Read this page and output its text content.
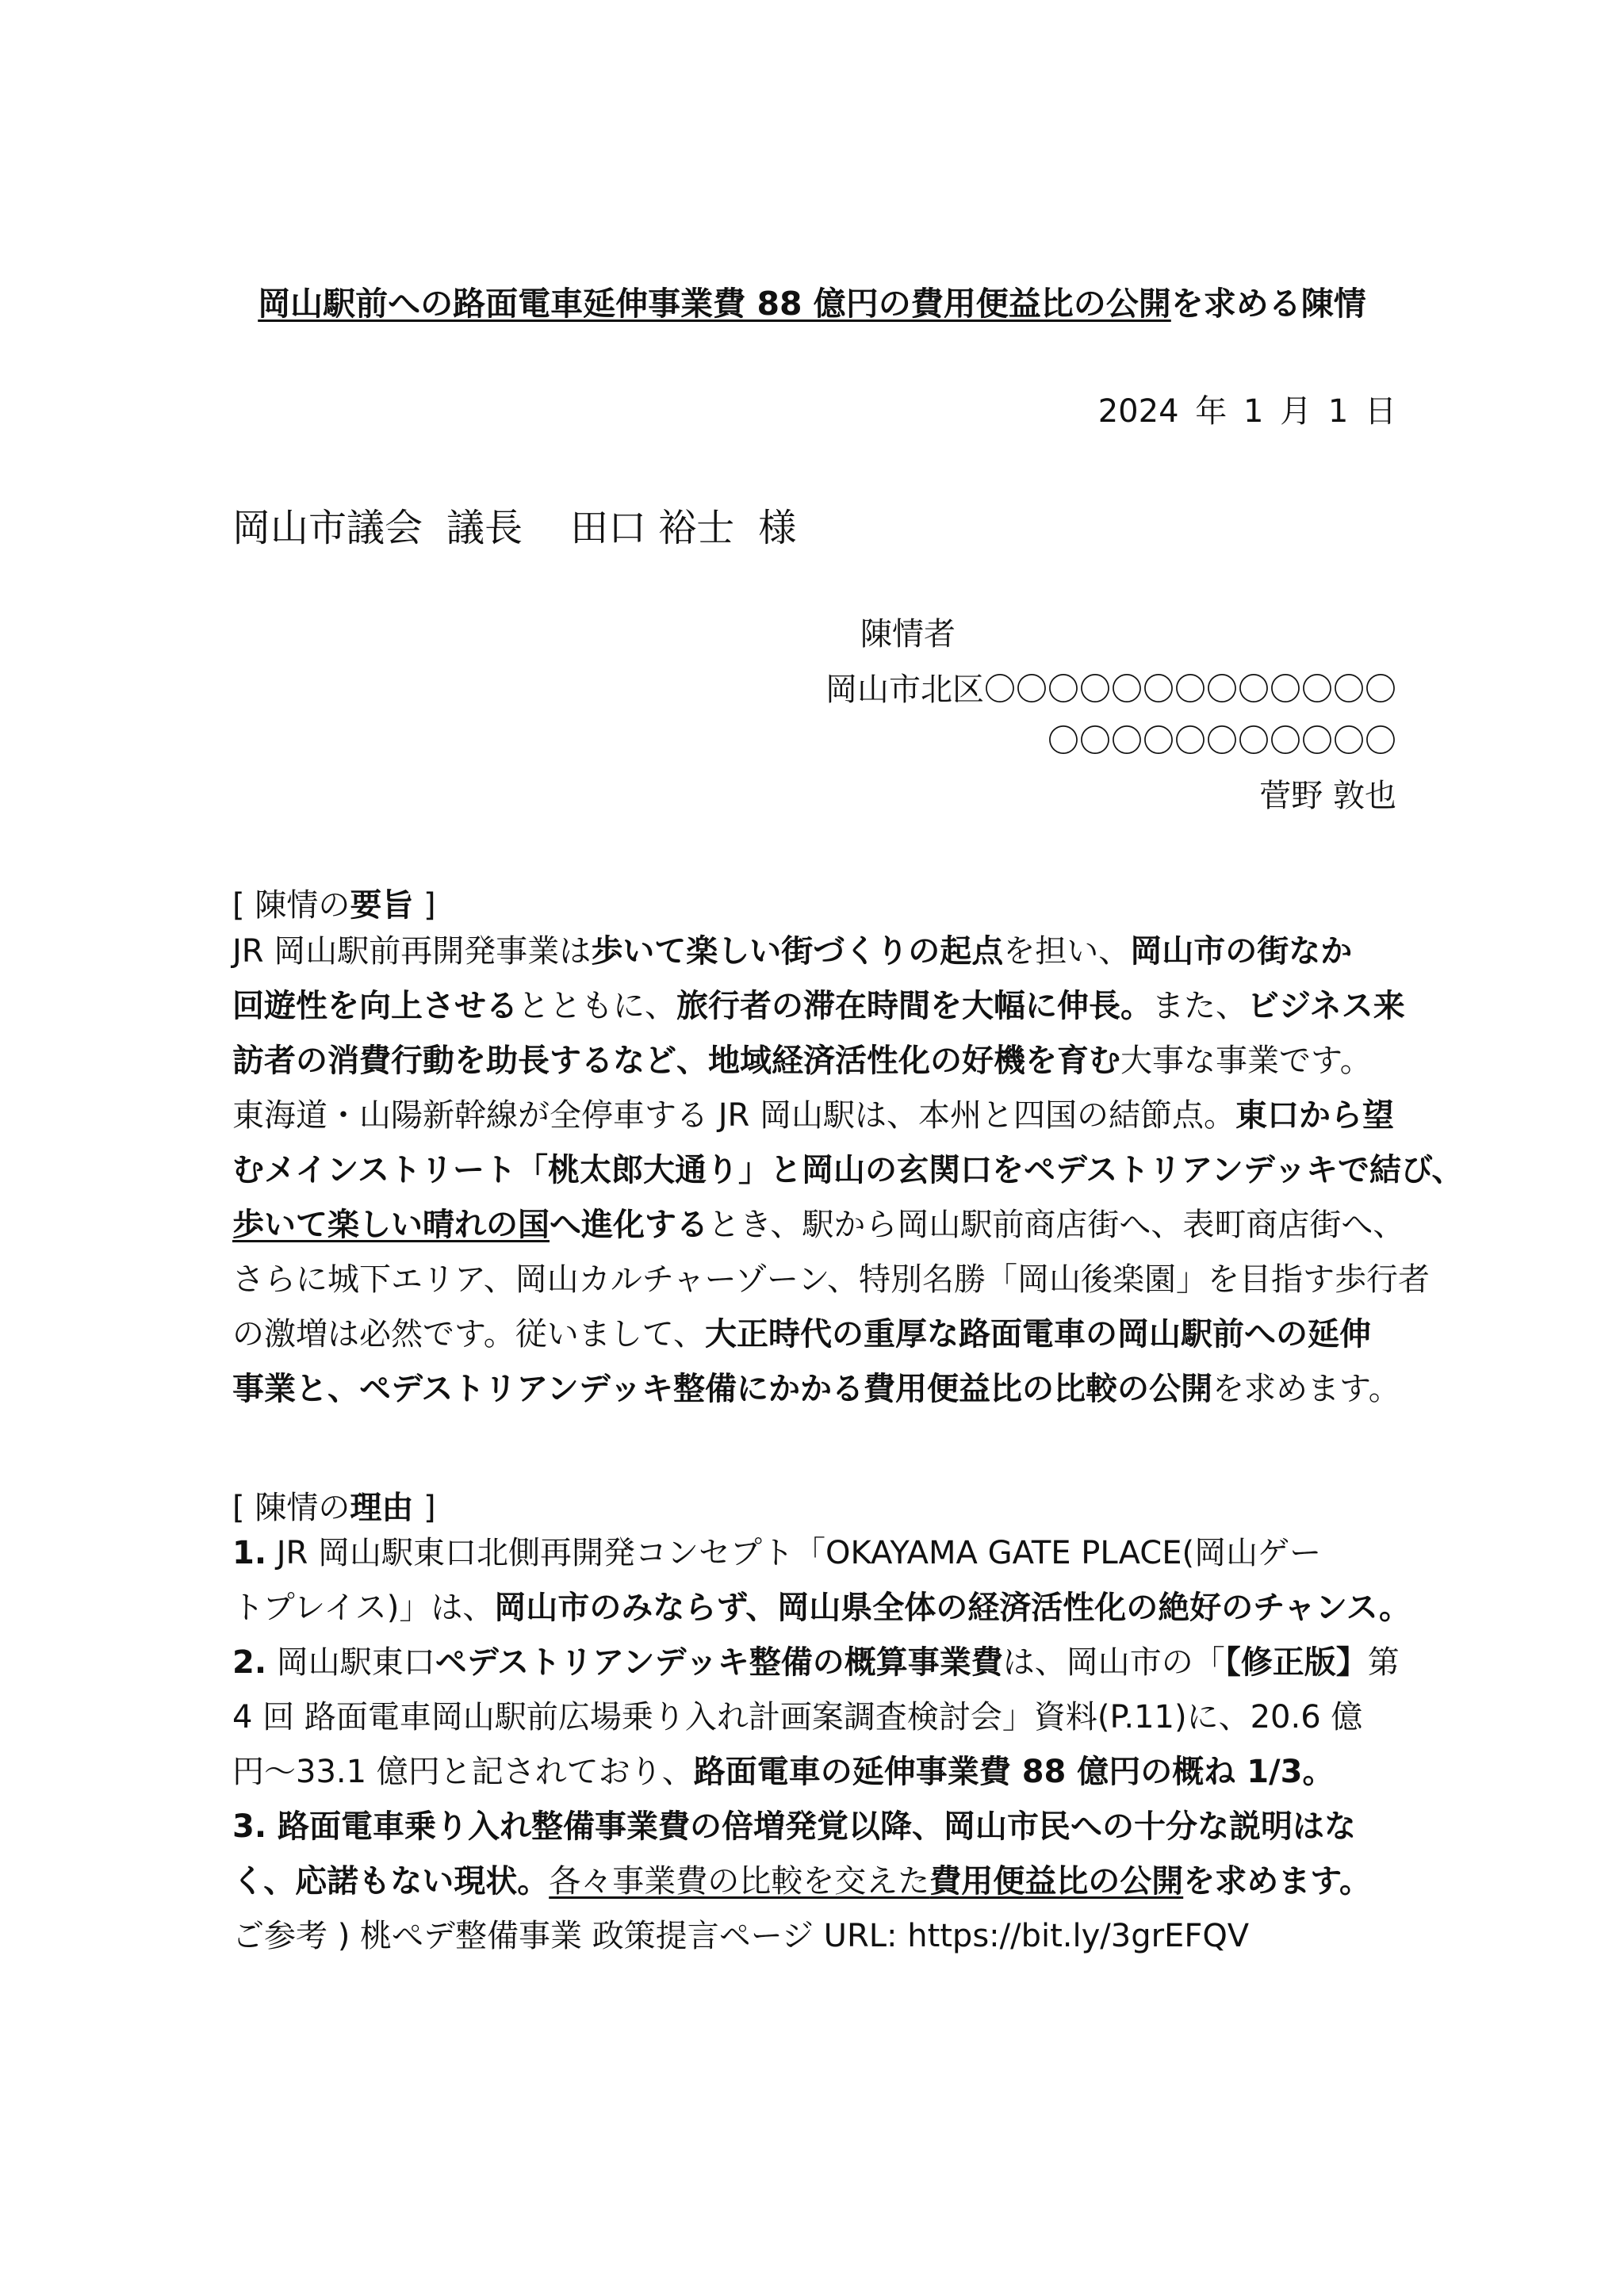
岡山駅前への路面電車延伸事業費 88 億円の費用便益比の公開を求める陳情
2024 年 1 月 1 日
岡山市議会 議長 田口 裕士 様
陳情者
岡山市北区〇〇〇〇〇〇〇〇〇〇〇〇〇
〇〇〇〇〇〇〇〇〇〇〇
菅野 敦也
[ 陳情の要旨 ]
JR 岡山駅前再開発事業は歩いて楽しい街づくりの起点を担い、岡山市の街なか
回遊性を向上させるとともに、旅行者の滞在時間を大幅に伸長。また、ビジネス来
訪者の消費行動を助長するなど、地域経済活性化の好機を育む大事な事業です。
東海道・山陽新幹線が全停車する JR 岡山駅は、本州と四国の結節点。東口から望
むメインストリート「桃太郎大通り」と岡山の玄関口をペデストリアンデッキで結び、
歩いて楽しい晴れの国へ進化するとき、駅から岡山駅前商店街へ、表町商店街へ、
さらに城下エリア、岡山カルチャーゾーン、特別名勝「岡山後楽園」を目指す歩行者
の激増は必然です。従いまして、大正時代の重厚な路面電車の岡山駅前への延伸
事業と、ペデストリアンデッキ整備にかかる費用便益比の比較の公開を求めます。
[ 陳情の理由 ]
1. JR 岡山駅東口北側再開発コンセプト「OKAYAMA GATE PLACE(岡山ゲー
トプレイス)」は、岡山市のみならず、岡山県全体の経済活性化の絶好のチャンス。
2. 岡山駅東口ペデストリアンデッキ整備の概算事業費は、岡山市の「【修正版】第
4 回 路面電車岡山駅前広場乗り入れ計画案調査検討会」資料(P.11)に、20.6 億
円〜33.1 億円と記されており、路面電車の延伸事業費 88 億円の概ね 1/3。
3. 路面電車乗り入れ整備事業費の倍増発覚以降、岡山市民への十分な説明はな
く、応諾もない現状。各々事業費の比較を交えた費用便益比の公開を求めます。
ご参考 ) 桃ぺデ整備事業 政策提言ページ URL: https://bit.ly/3grEFQV
